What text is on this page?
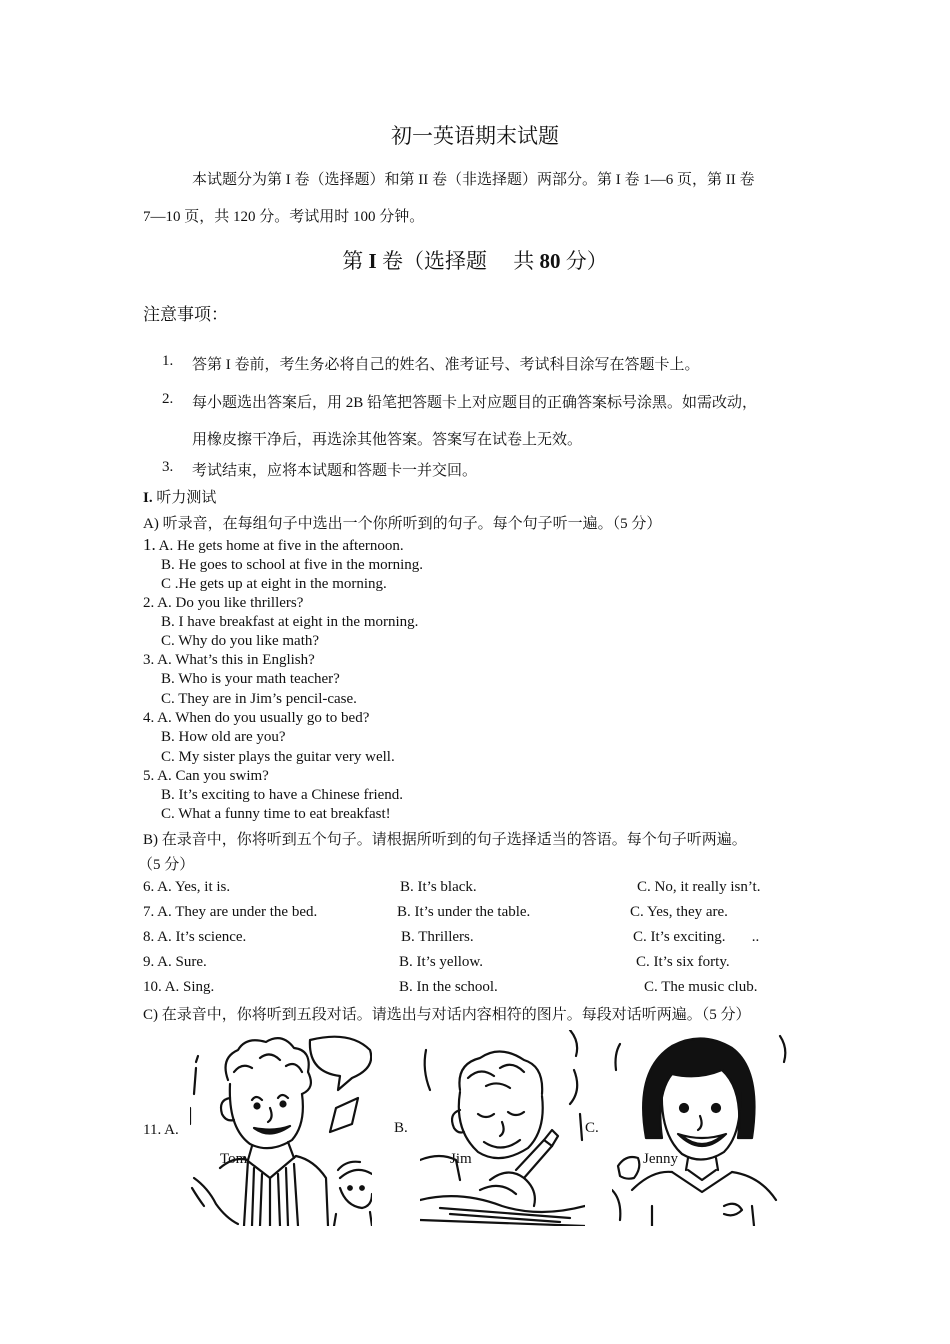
初一英语期末试题
本试题分为第 I 卷（选择题）和第 II 卷（非选择题）两部分。第 I 卷 1—6 页，第 II 卷
7—10 页，共 120 分。考试用时 100 分钟。
第 I 卷（选择题　 共 80 分）
注意事项：
1. 答第 I 卷前，考生务必将自己的姓名、准考证号、考试科目涂写在答题卡上。
2. 每小题选出答案后，用 2B 铅笔把答题卡上对应题目的正确答案标号涂黑。如需改动，
用橡皮擦干净后，再选涂其他答案。答案写在试卷上无效。
3. 考试结束，应将本试题和答题卡一并交回。
I. 听力测试
A) 听录音，在每组句子中选出一个你所听到的句子。每个句子听一遍。（5 分）
1. A. He gets home at five in the afternoon.
B. He goes to school at five in the morning.
C .He gets up at eight in the morning.
2. A. Do you like thrillers?
B. I have breakfast at eight in the morning.
C. Why do you like math?
3. A. What’s this in English?
B. Who is your math teacher?
C. They are in Jim’s pencil-case.
4. A. When do you usually go to bed?
B. How old are you?
C. My sister plays the guitar very well.
5. A. Can you swim?
B. It’s exciting to have a Chinese friend.
C. What a funny time to eat breakfast!
B) 在录音中，你将听到五个句子。请根据所听到的句子选择适当的答语。每个句子听两遍。
（5 分）
6. A. Yes, it is.	B. It’s black.	C. No, it really isn’t.
7. A. They are under the bed.	B. It’s under the table.	C. Yes, they are.
8. A. It’s science.	B. Thrillers.	C. It’s exciting.       ..
9. A. Sure.	B. It’s yellow.	C. It’s six forty.
10. A. Sing.	B. In the school.	C. The music club.
C) 在录音中，你将听到五段对话。请选出与对话内容相符的图片。每段对话听两遍。（5 分）
11. A.	B.	C.
Tom	Jim	Jenny
